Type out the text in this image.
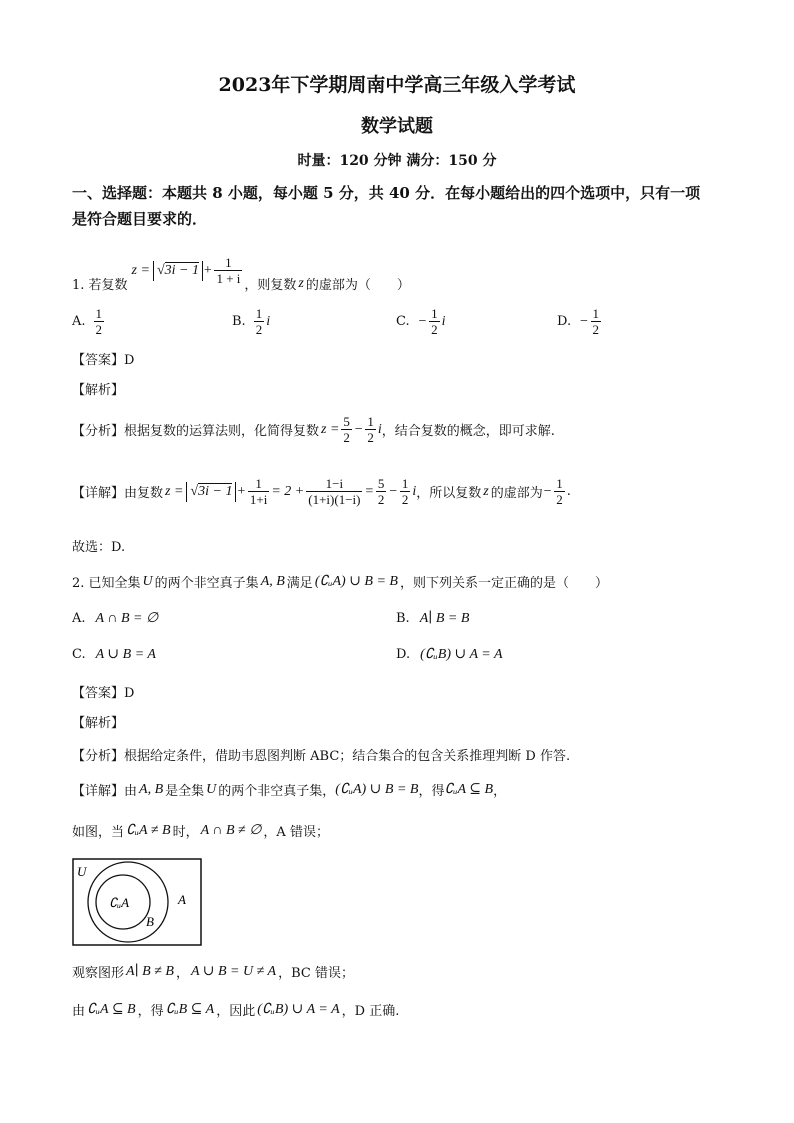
2023年下学期周南中学高三年级入学考试
数学试题
时量：120 分钟 满分：150 分
一、选择题：本题共 8 小题，每小题 5 分，共 40 分．在每小题给出的四个选项中，只有一项
是符合题目要求的．
1. 若复数
$z = √3i - 1 + \frac{1}{1 + i}$ ，则复数 z 的虚部为（　　）
A. $\frac{1}{2}$	B. $\frac{1}{2}$ i	C. − $\frac{1}{2}$ i	D. − $\frac{1}{2}$
【答案】D
【解析】
【分析】根据复数的运算法则，化简得复数 $z = \frac{5}{2} - \frac{1}{2}$ i ，结合复数的概念，即可求解.
【详解】由复数 $z = √3i - 1 + \frac{1}{1+i} = 2 + \frac{1-i}{(1+i)(1-i)} = \frac{5}{2} - \frac{1}{2}$ i ，所以复数 z 的虚部为 − $\frac{1}{2}$ .
故选：D.
2. 已知全集 U 的两个非空真子集 A, B 满足 (∁ᵤA) ∪ B = B ，则下列关系一定正确的是（　　）
A. A ∩ B = ∅	B. A∣ B = B
C. A ∪ B = A	D. (∁ᵤB) ∪ A = A
【答案】D
【解析】
【分析】根据给定条件，借助韦恩图判断 ABC；结合集合的包含关系推理判断 D 作答.
【详解】由 A, B 是全集 U 的两个非空真子集， (∁ᵤA) ∪ B = B ，得 ∁ᵤA ⊆ B ，
如图，当 ∁ᵤA ≠ B 时， A ∩ B ≠ ∅ ，A 错误；
U
∁ᵤA
B
A
观察图形 A∣ B ≠ B ， A ∪ B = U ≠ A ，BC 错误；
由 ∁ᵤA ⊆ B ，得 ∁ᵤB ⊆ A ，因此 (∁ᵤB) ∪ A = A ，D 正确.
